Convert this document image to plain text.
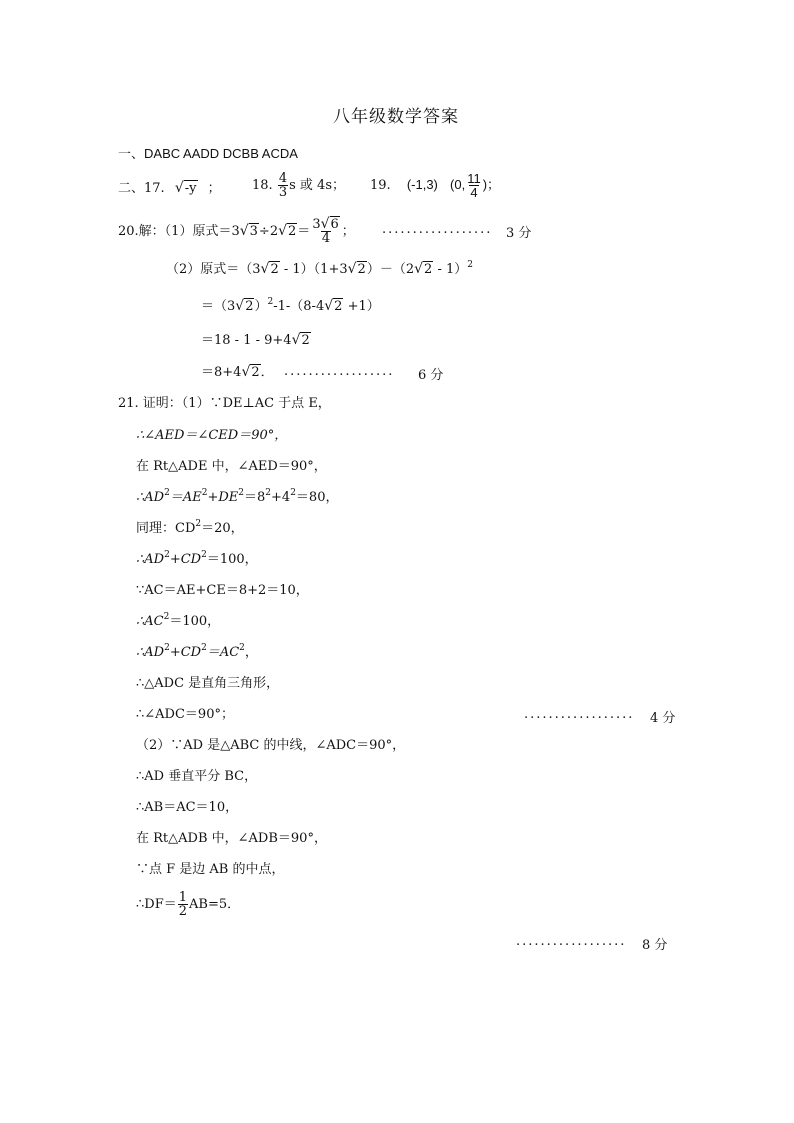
八年级数学答案
一、DABC AADD DCBB ACDA
二、17. √-y ； 18. $\frac{4}{3}$ s 或 4s； 19. (-1,3) (0, $\frac{11}{4}$ )；
20.解：（1）原式$=3√3\div 2√2= \frac{3√6}{4}$ ； .................. 3 分
（2）原式＝（3√2 - 1）（1+3√2）－（2√2 - 1）$^2$
$=(3√2)^2-1-(8-4√2 +1)$
＝18 - 1 - 9+4√2
＝8+4√2． .................. 6 分
21. 证明：（1）∵DE⊥AC 于点 E，
∴∠AED＝∠CED＝90°，
在 Rt△ADE 中，∠AED＝90°，
$\therefore AD^2=AE^2+DE^2=8^2+4^2=80$，
同理：$CD^2=20$，
$\therefore AD^2+CD^2=100$，
∵AC＝AE+CE＝8+2＝10，
$\therefore AC^2=100$，
$\therefore AD^2+CD^2=AC^2$，
∴△ADC 是直角三角形，
∴∠ADC＝90°；	.................. 4 分
（2）∵AD 是△ABC 的中线，∠ADC＝90°，
∴AD 垂直平分 BC，
∴AB＝AC＝10，
在 Rt△ADB 中，∠ADB＝90°，
∵点 F 是边 AB 的中点，
∴DF＝ $\frac{1}{2} AB=5$．
.................. 8 分
